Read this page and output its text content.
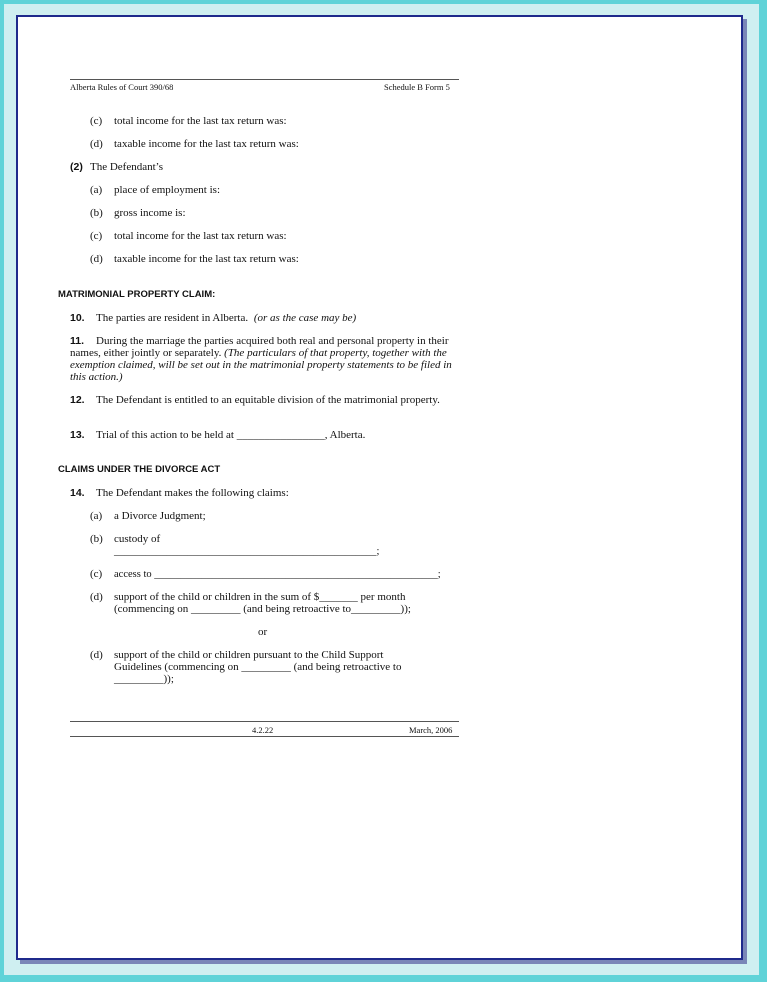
Alberta Rules of Court 390/68	Schedule B Form 5
(c) total income for the last tax return was:
(d) taxable income for the last tax return was:
(2) The Defendant’s
(a) place of employment is:
(b) gross income is:
(c) total income for the last tax return was:
(d) taxable income for the last tax return was:
MATRIMONIAL PROPERTY CLAIM:
10. The parties are resident in Alberta. (or as the case may be)
11.	During the marriage the parties acquired both real and personal property in their names, either jointly or separately. (The particulars of that property, together with the exemption claimed, will be set out in the matrimonial property statements to be filed in this action.)
12.	The Defendant is entitled to an equitable division of the matrimonial property.
13. Trial of this action to be held at ________________, Alberta.
CLAIMS UNDER THE DIVORCE ACT
14. The Defendant makes the following claims:
(a) a Divorce Judgment;
(b) custody of
__________________________________________________;
(c) access to ______________________________________________________;
(d) support of the child or children in the sum of $_______ per month
(commencing on _________ (and being retroactive to_________));
or
(d) support of the child or children pursuant to the Child Support
Guidelines (commencing on _________ (and being retroactive to
_________));
4.2.22	March, 2006
